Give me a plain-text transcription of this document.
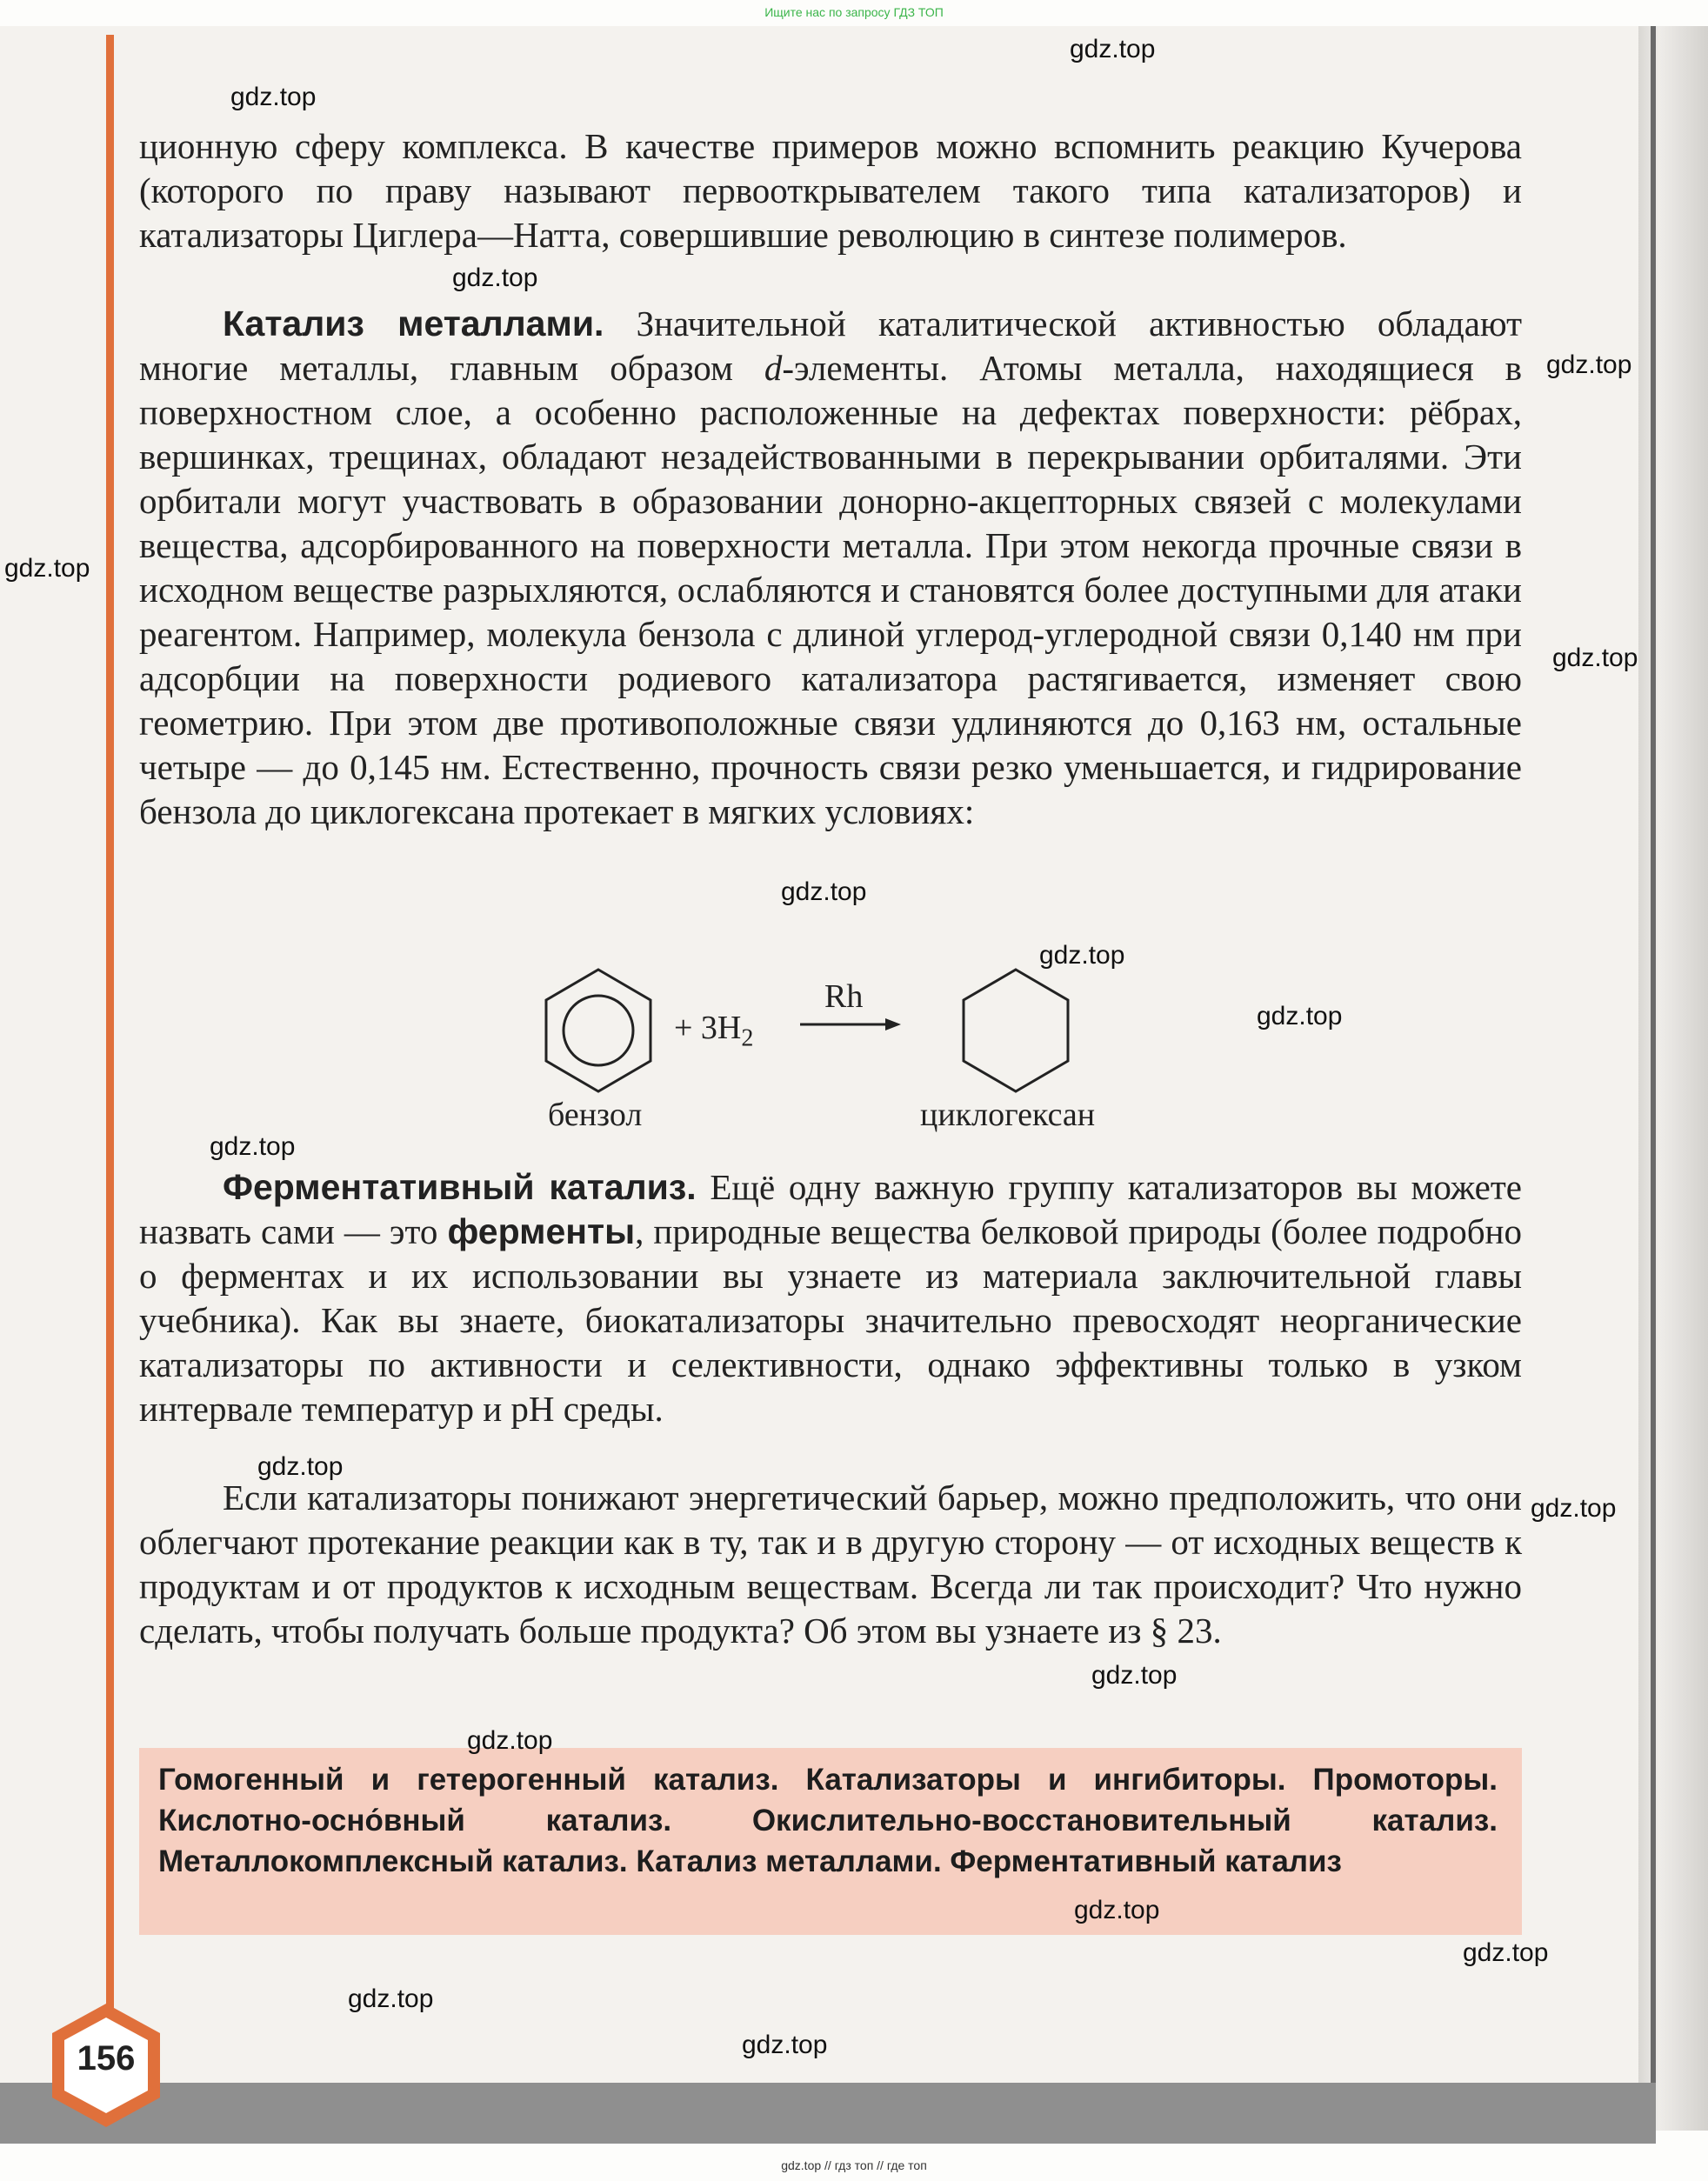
Ищите нас по запросу ГДЗ ТОП

ционную сферу комплекса. В качестве примеров можно вспомнить реакцию Кучерова (которого по праву называют первооткрывателем такого типа катализаторов) и катализаторы Циглера—Натта, совершившие революцию в синтезе полимеров.

Катализ металлами. Значительной каталитической активностью обладают многие металлы, главным образом d-элементы. Атомы металла, находящиеся в поверхностном слое, а особенно расположенные на дефектах поверхности: рёбрах, вершинках, трещинах, обладают незадействованными в перекрывании орбиталями. Эти орбитали могут участвовать в образовании донорно-акцепторных связей с молекулами вещества, адсорбированного на поверхности металла. При этом некогда прочные связи в исходном веществе разрыхляются, ослабляются и становятся более доступными для атаки реагентом. Например, молекула бензола с длиной углерод-углеродной связи 0,140 нм при адсорбции на поверхности родиевого катализатора растягивается, изменяет свою геометрию. При этом две противоположные связи удлиняются до 0,163 нм, остальные четыре — до 0,145 нм. Естественно, прочность связи резко уменьшается, и гидрирование бензола до циклогексана протекает в мягких условиях:

+ $3H_2$
Rh
бензол	циклогексан

Ферментативный катализ. Ещё одну важную группу катализаторов вы можете назвать сами — это ферменты, природные вещества белковой природы (более подробно о ферментах и их использовании вы узнаете из материала заключительной главы учебника). Как вы знаете, биокатализаторы значительно превосходят неорганические катализаторы по активности и селективности, однако эффективны только в узком интервале температур и pH среды.

Если катализаторы понижают энергетический барьер, можно предположить, что они облегчают протекание реакции как в ту, так и в другую сторону — от исходных веществ к продуктам и от продуктов к исходным веществам. Всегда ли так происходит? Что нужно сделать, чтобы получать больше продукта? Об этом вы узнаете из § 23.

Гомогенный и гетерогенный катализ. Катализаторы и ингибиторы. Промоторы. Кислотно-осно́вный катализ. Окислительно-восстановительный катализ. Металлокомплексный катализ. Катализ металлами. Ферментативный катализ
156
gdz.top
gdz.top
gdz.top
gdz.top
gdz.top
gdz.top
gdz.top
gdz.top
gdz.top
gdz.top
gdz.top
gdz.top
gdz.top
gdz.top
gdz.top
gdz.top
gdz.top
gdz.top
gdz.top // гдз топ // где топ
